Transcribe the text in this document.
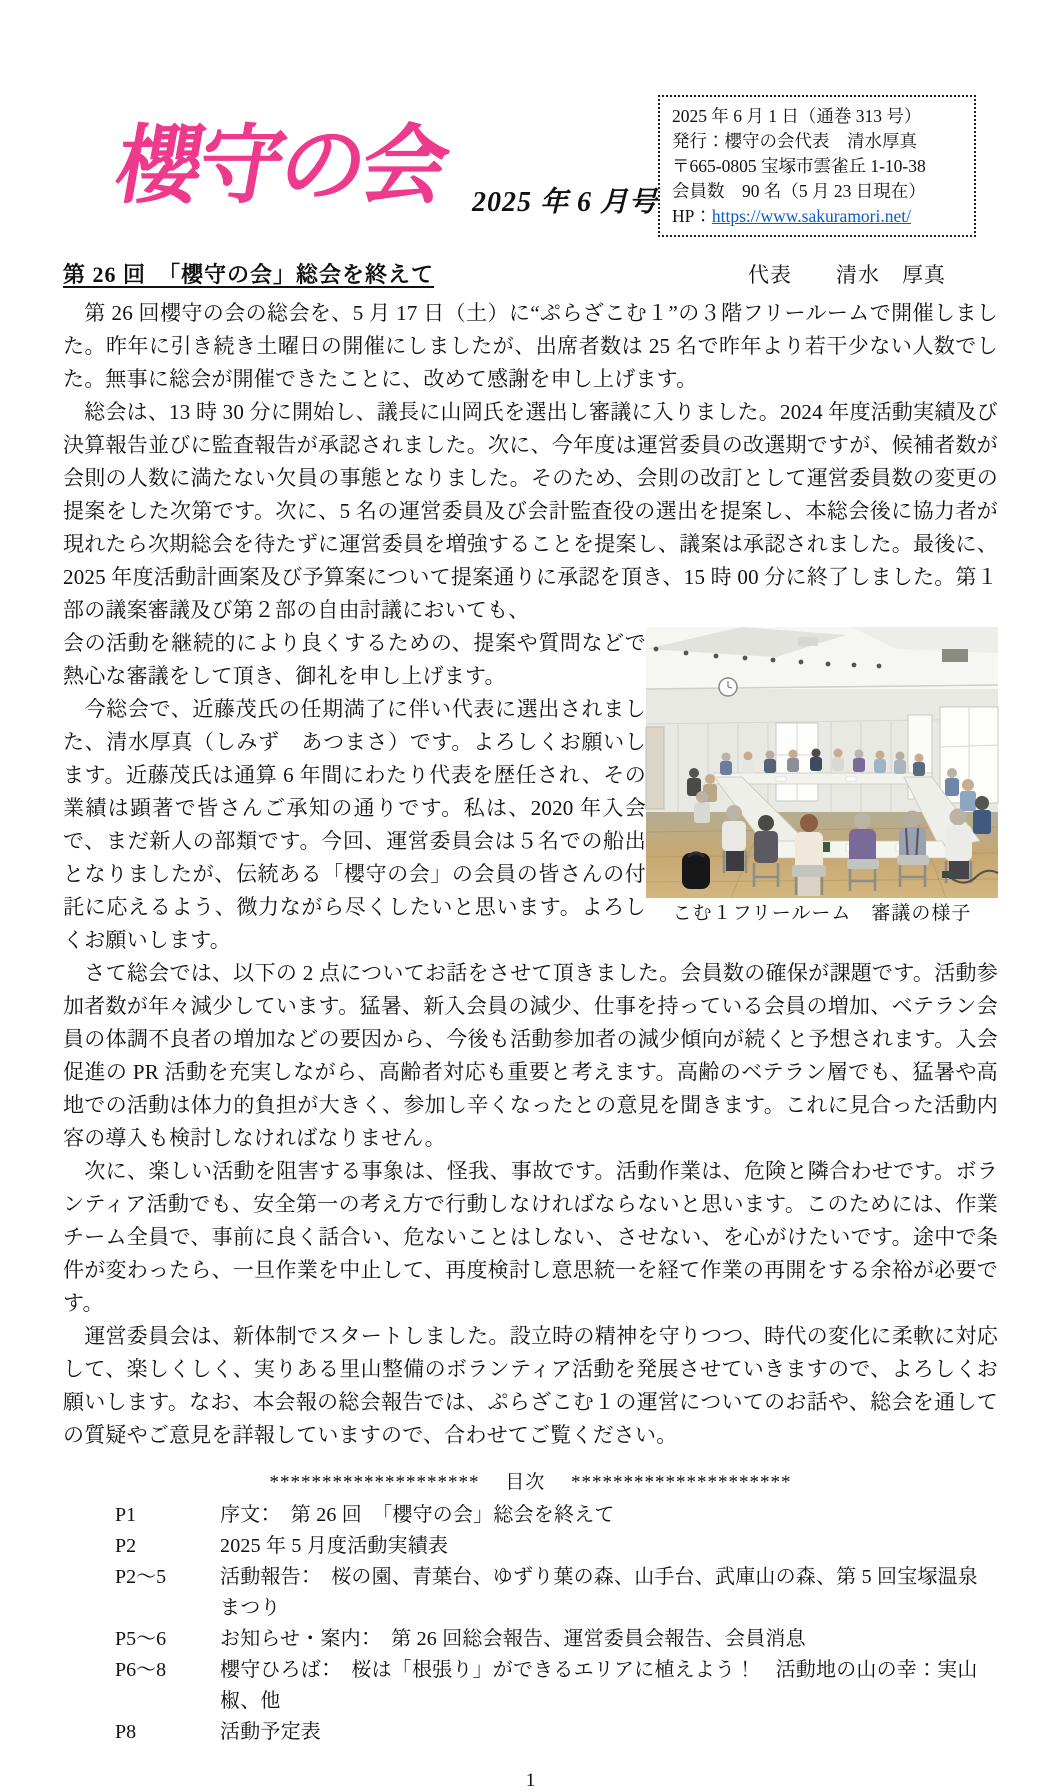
櫻守の会 2025 年 6 月号
2025 年 6 月 1 日（通巻 313 号）
発行：櫻守の会代表　清水厚真
〒665-0805 宝塚市雲雀丘 1-10-38
会員数　90 名（5 月 23 日現在）
HP：https://www.sakuramori.net/
第 26 回　「櫻守の会」総会を終えて	代表　　清水　厚真

　第 26 回櫻守の会の総会を、5 月 17 日（土）に“ぷらざこむ１”の３階フリールームで開催しました。昨年に引き続き土曜日の開催にしましたが、出席者数は 25 名で昨年より若干少ない人数でした。無事に総会が開催できたことに、改めて感謝を申し上げます。

　総会は、13 時 30 分に開始し、議長に山岡氏を選出し審議に入りました。2024 年度活動実績及び決算報告並びに監査報告が承認されました。次に、今年度は運営委員の改選期ですが、候補者数が会則の人数に満たない欠員の事態となりました。そのため、会則の改訂として運営委員数の変更の提案をした次第です。次に、5 名の運営委員及び会計監査役の選出を提案し、本総会後に協力者が現れたら次期総会を待たずに運営委員を増強することを提案し、議案は承認されました。最後に、2025 年度活動計画案及び予算案について提案通りに承認を頂き、15 時 00 分に終了しました。第１部の議案審議及び第２部の自由討議においても、

こむ１フリールーム　審議の様子

会の活動を継続的により良くするための、提案や質問などで熱心な審議をして頂き、御礼を申し上げます。

　今総会で、近藤茂氏の任期満了に伴い代表に選出されました、清水厚真（しみず　あつまさ）です。よろしくお願いします。近藤茂氏は通算 6 年間にわたり代表を歴任され、その業績は顕著で皆さんご承知の通りです。私は、2020 年入会で、まだ新人の部類です。今回、運営委員会は５名での船出となりましたが、伝統ある「櫻守の会」の会員の皆さんの付託に応えるよう、微力ながら尽くしたいと思います。よろしくお願いします。

　さて総会では、以下の 2 点についてお話をさせて頂きました。会員数の確保が課題です。活動参加者数が年々減少しています。猛暑、新入会員の減少、仕事を持っている会員の増加、ベテラン会員の体調不良者の増加などの要因から、今後も活動参加者の減少傾向が続くと予想されます。入会促進の PR 活動を充実しながら、高齢者対応も重要と考えます。高齢のベテラン層でも、猛暑や高地での活動は体力的負担が大きく、参加し辛くなったとの意見を聞きます。これに見合った活動内容の導入も検討しなければなりません。

　次に、楽しい活動を阻害する事象は、怪我、事故です。活動作業は、危険と隣合わせです。ボランティア活動でも、安全第一の考え方で行動しなければならないと思います。このためには、作業チーム全員で、事前に良く話合い、危ないことはしない、させない、を心がけたいです。途中で条件が変わったら、一旦作業を中止して、再度検討し意思統一を経て作業の再開をする余裕が必要です。

　運営委員会は、新体制でスタートしました。設立時の精神を守りつつ、時代の変化に柔軟に対応して、楽しくしく、実りある里山整備のボランティア活動を発展させていきますので、よろしくお願いします。なお、本会報の総会報告では、ぷらざこむ１の運営についてのお話や、総会を通しての質疑やご意見を詳報していますので、合わせてご覧ください。

******************** 　 目次　 *********************
P1	序文：　第 26 回　「櫻守の会」総会を終えて
P2	2025 年 5 月度活動実績表
P2～5	活動報告：　桜の園、青葉台、ゆずり葉の森、山手台、武庫山の森、第 5 回宝塚温泉まつり
P5～6	お知らせ・案内：　第 26 回総会報告、運営委員会報告、会員消息
P6～8	櫻守ひろば：　桜は「根張り」ができるエリアに植えよう！　活動地の山の幸：実山椒、他
P8	活動予定表
1
